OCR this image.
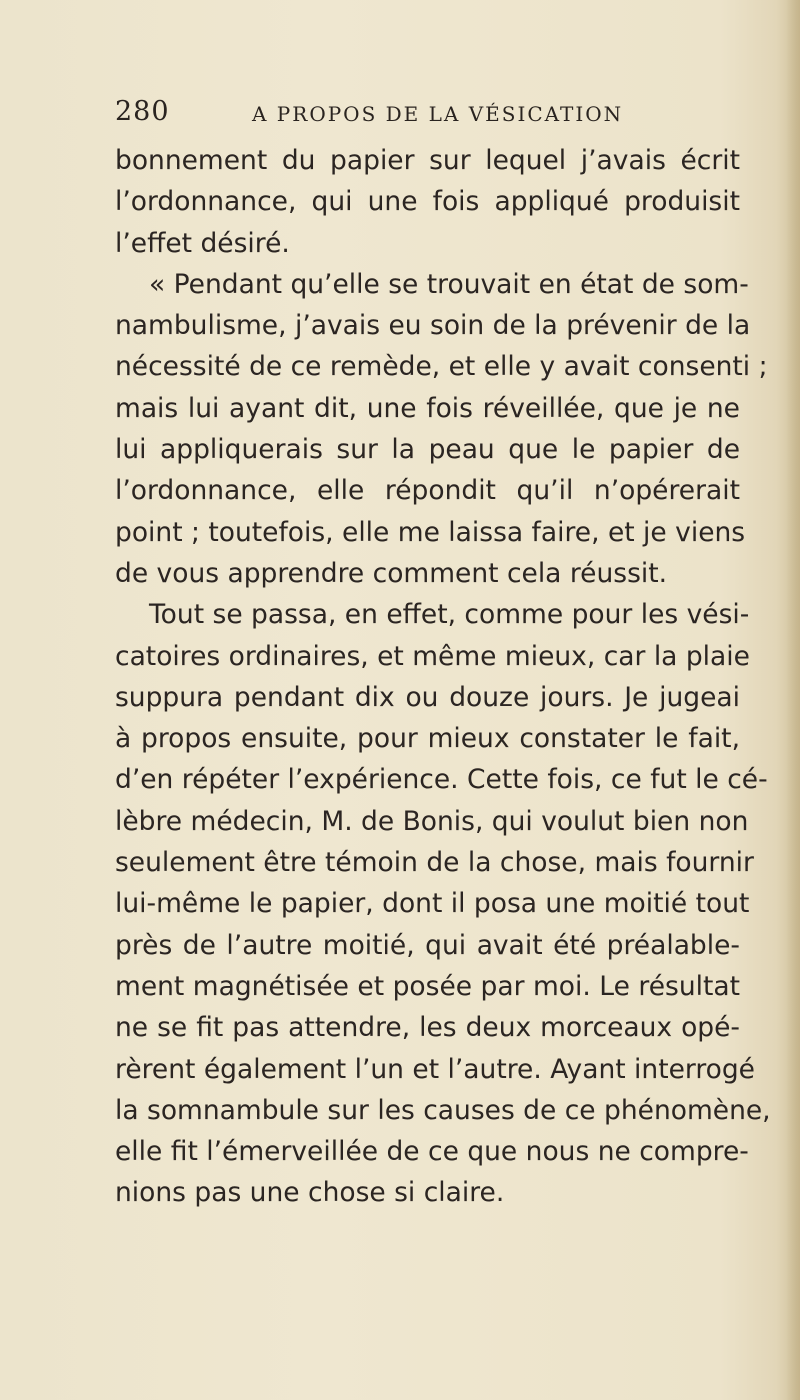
280	A PROPOS DE LA VÉSICATION
bonnement du papier sur lequel j’avais écrit
l’ordonnance, qui une fois appliqué produisit
l’effet désiré.
« Pendant qu’elle se trouvait en état de som-
nambulisme, j’avais eu soin de la prévenir de la
nécessité de ce remède, et elle y avait consenti ;
mais lui ayant dit, une fois réveillée, que je ne
lui appliquerais sur la peau que le papier de
l’ordonnance, elle répondit qu’il n’opérerait
point ; toutefois, elle me laissa faire, et je viens
de vous apprendre comment cela réussit.
Tout se passa, en effet, comme pour les vési-
catoires ordinaires, et même mieux, car la plaie
suppura pendant dix ou douze jours. Je jugeai
à propos ensuite, pour mieux constater le fait,
d’en répéter l’expérience. Cette fois, ce fut le cé-
lèbre médecin, M. de Bonis, qui voulut bien non
seulement être témoin de la chose, mais fournir
lui-même le papier, dont il posa une moitié tout
près de l’autre moitié, qui avait été préalable-
ment magnétisée et posée par moi. Le résultat
ne se fit pas attendre, les deux morceaux opé-
rèrent également l’un et l’autre. Ayant interrogé
la somnambule sur les causes de ce phénomène,
elle fit l’émerveillée de ce que nous ne compre-
nions pas une chose si claire.
